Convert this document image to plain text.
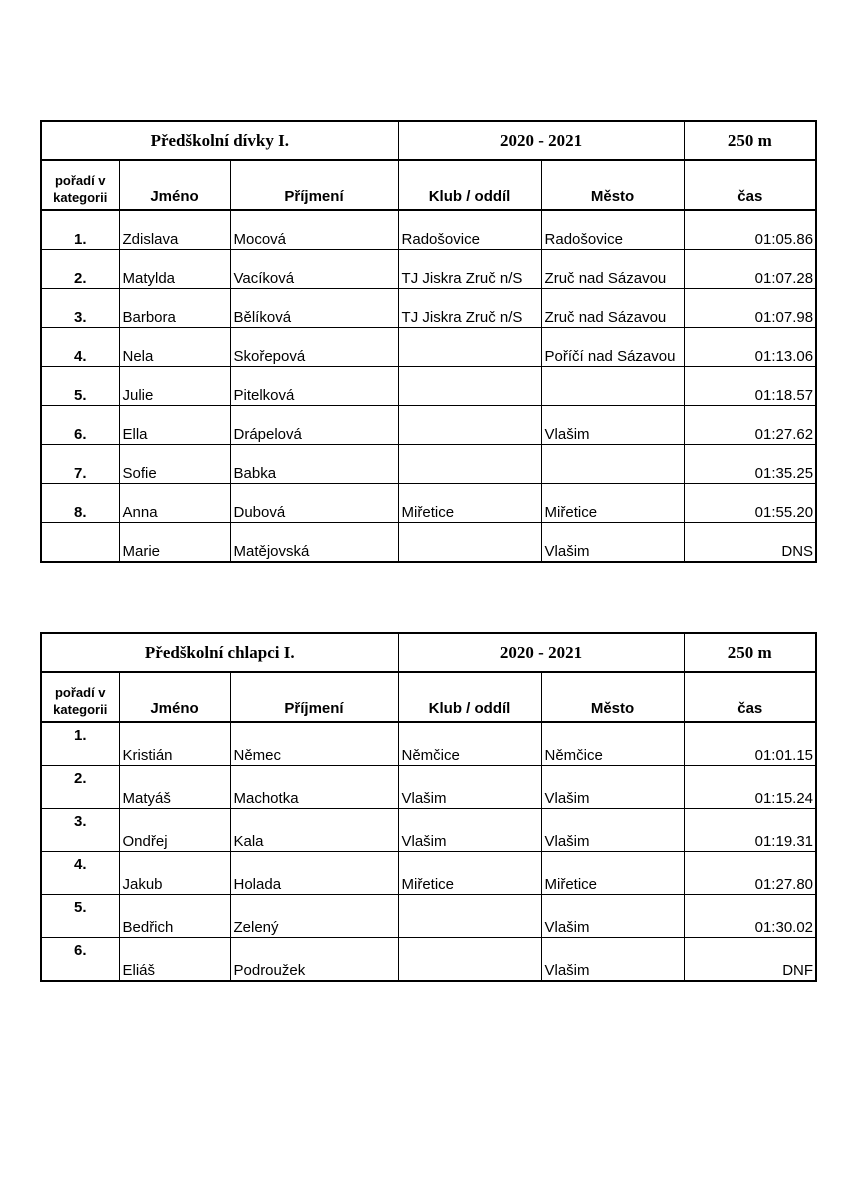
Předškolní dívky I.			2020 - 2021		250 m
pořadí v kategorii	Jméno	Příjmení	Klub / oddíl	Město	čas
1.	Zdislava	Mocová	Radošovice	Radošovice	01:05.86
2.	Matylda	Vacíková	TJ Jiskra Zruč n/S	Zruč nad Sázavou	01:07.28
3.	Barbora	Bělíková	TJ Jiskra Zruč n/S	Zruč nad Sázavou	01:07.98
4.	Nela	Skořepová		Poříčí nad Sázavou	01:13.06
5.	Julie	Pitelková			01:18.57
6.	Ella	Drápelová		Vlašim	01:27.62
7.	Sofie	Babka			01:35.25
8.	Anna	Dubová	Miřetice	Miřetice	01:55.20
	Marie	Matějovská		Vlašim	DNS
Předškolní chlapci I.			2020 - 2021		250 m
pořadí v kategorii	Jméno	Příjmení	Klub / oddíl	Město	čas
1.	Kristián	Němec	Němčice	Němčice	01:01.15
2.	Matyáš	Machotka	Vlašim	Vlašim	01:15.24
3.	Ondřej	Kala	Vlašim	Vlašim	01:19.31
4.	Jakub	Holada	Miřetice	Miřetice	01:27.80
5.	Bedřich	Zelený		Vlašim	01:30.02
6.	Eliáš	Podroužek		Vlašim	DNF
